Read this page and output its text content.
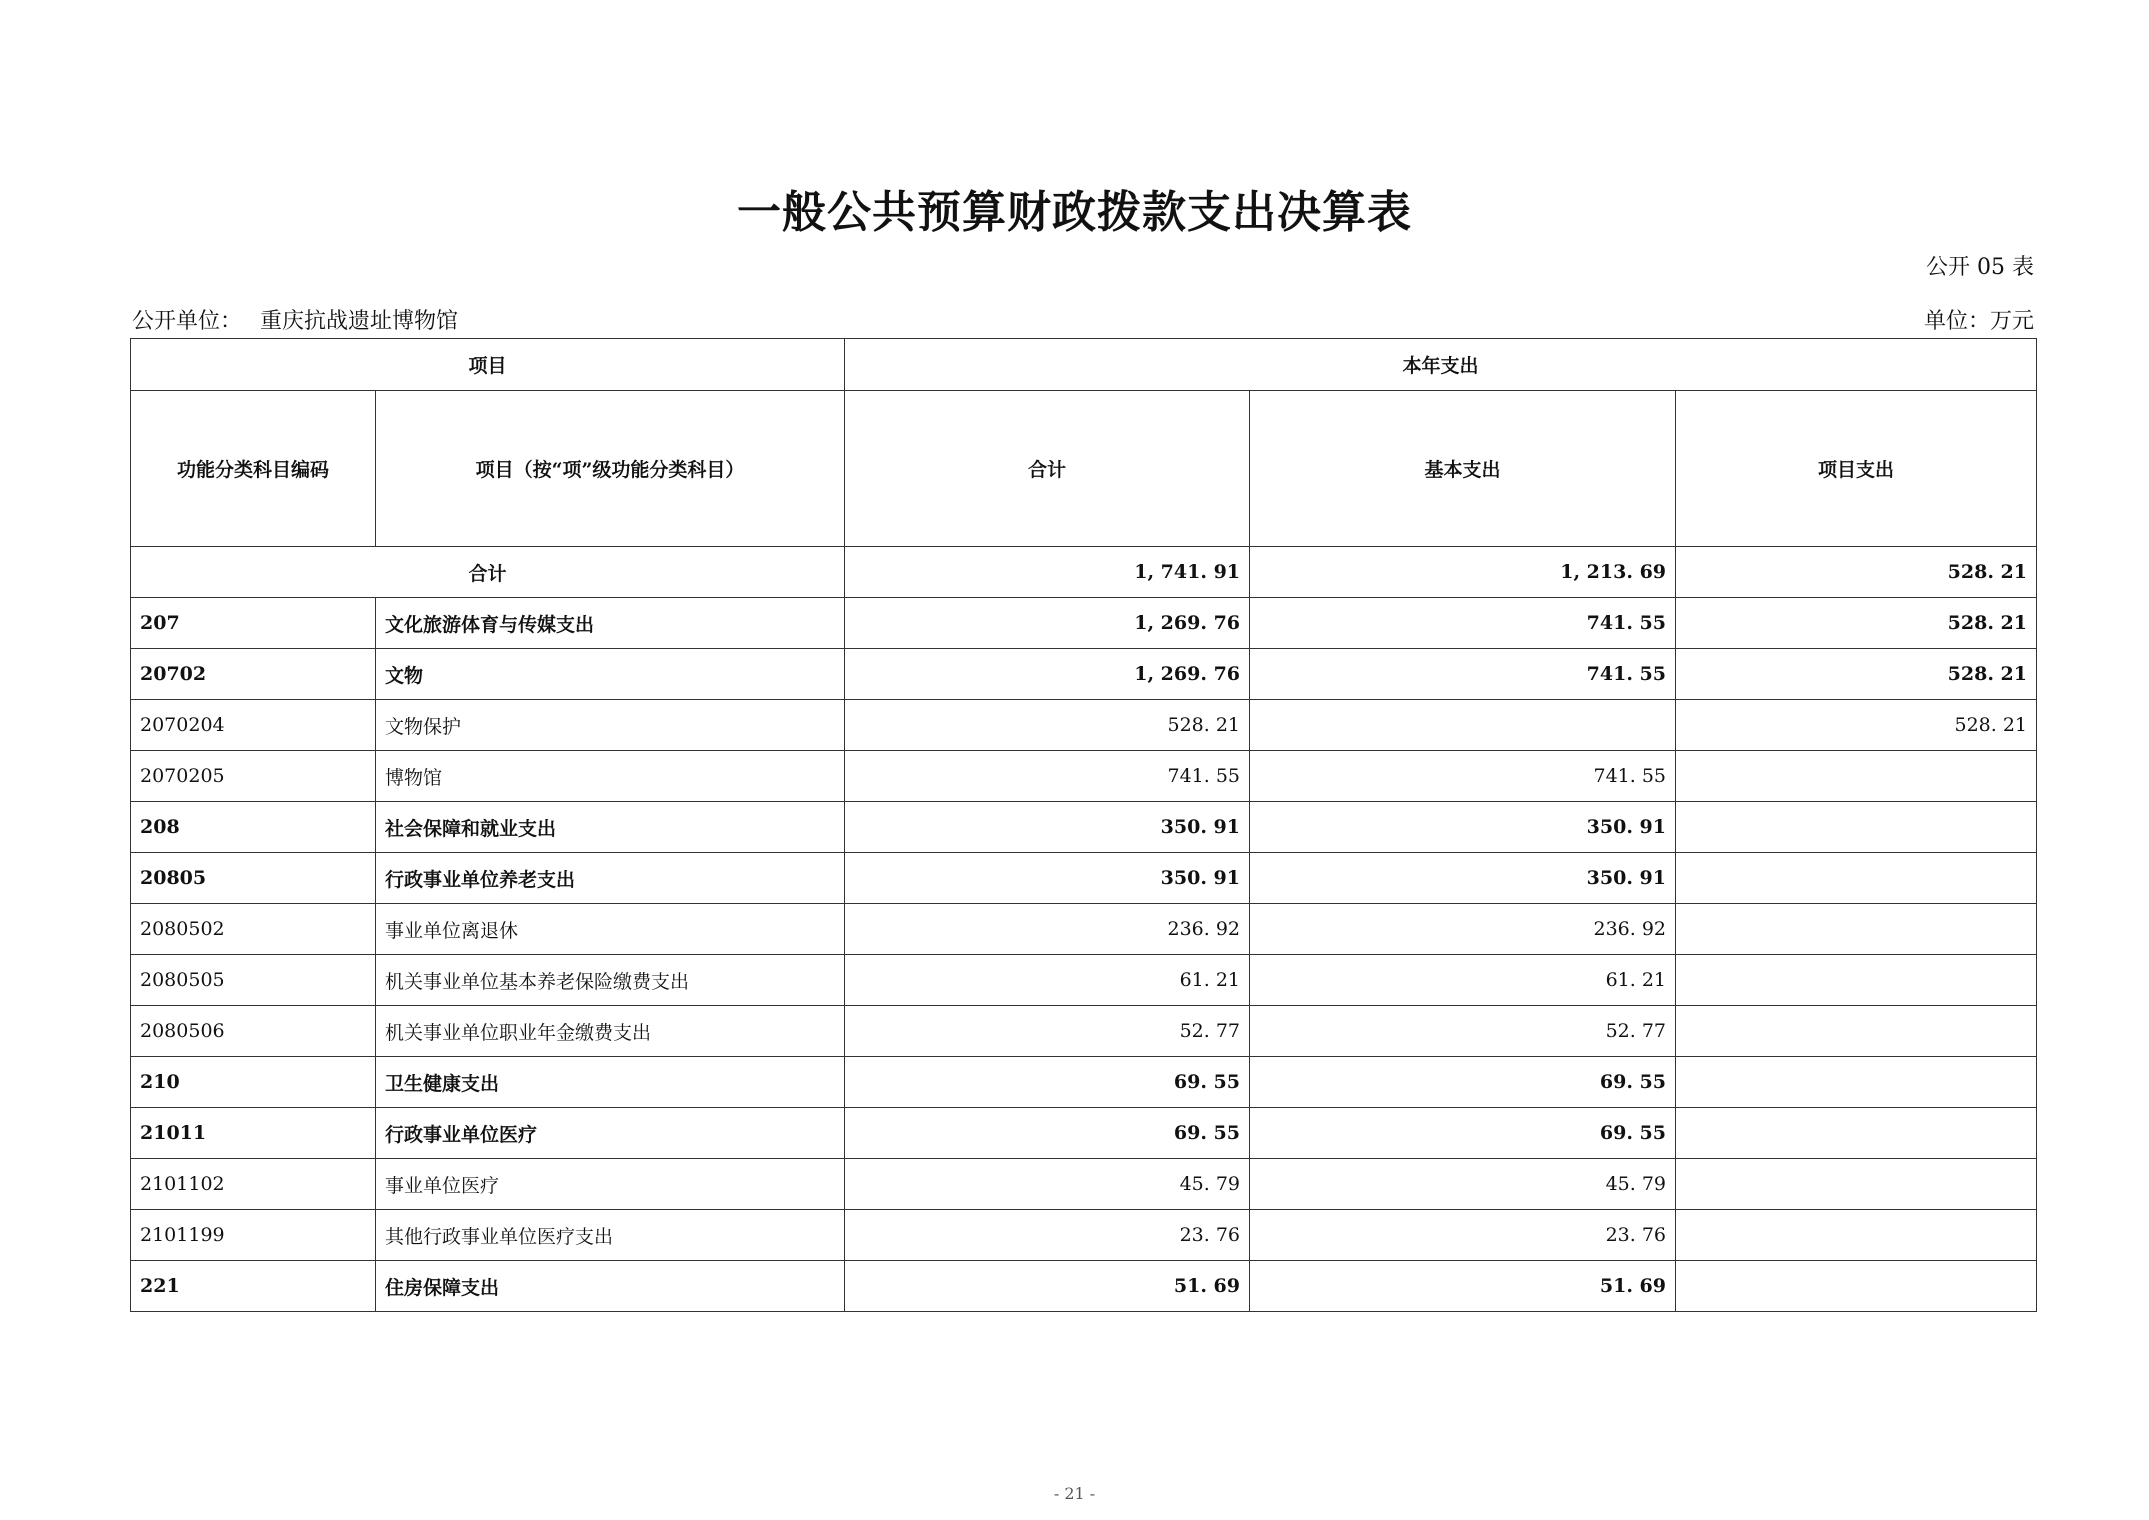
一般公共预算财政拨款支出决算表
公开 05 表
公开单位： 重庆抗战遗址博物馆	单位：万元
项目		本年支出		
功能分类科目编码	项目（按“项”级功能分类科目）	合计	基本支出	项目支出
合计		1, 741. 91	1, 213. 69	528. 21
207	文化旅游体育与传媒支出	1, 269. 76	741. 55	528. 21
20702	文物	1, 269. 76	741. 55	528. 21
2070204	文物保护	528. 21		528. 21
2070205	博物馆	741. 55	741. 55	
208	社会保障和就业支出	350. 91	350. 91	
20805	行政事业单位养老支出	350. 91	350. 91	
2080502	事业单位离退休	236. 92	236. 92	
2080505	机关事业单位基本养老保险缴费支出	61. 21	61. 21	
2080506	机关事业单位职业年金缴费支出	52. 77	52. 77	
210	卫生健康支出	69. 55	69. 55	
21011	行政事业单位医疗	69. 55	69. 55	
2101102	事业单位医疗	45. 79	45. 79	
2101199	其他行政事业单位医疗支出	23. 76	23. 76	
221	住房保障支出	51. 69	51. 69	
- 21 -
